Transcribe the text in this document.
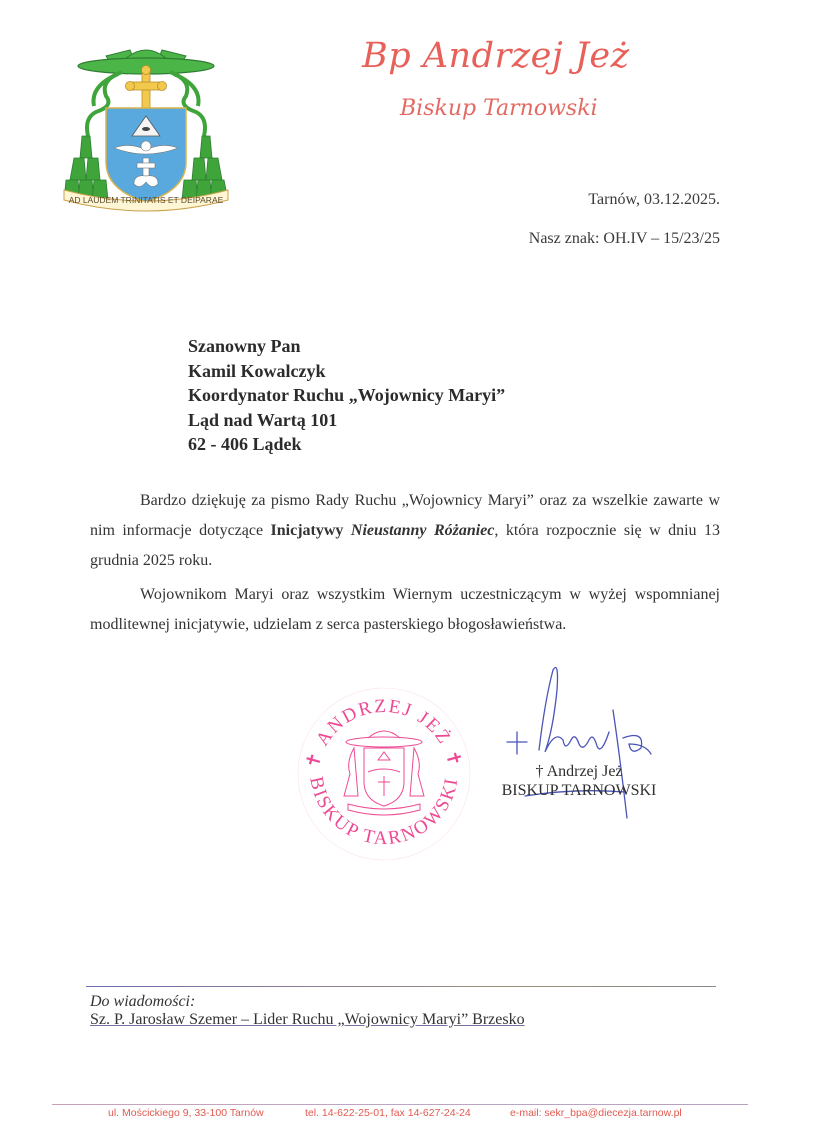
AD LAUDEM TRINITATIS ET DEIPARAE
Bp Andrzej Jeż
Biskup Tarnowski
Tarnów, 03.12.2025.
Nasz znak: OH.IV – 15/23/25
Szanowny Pan
Kamil Kowalczyk
Koordynator Ruchu „Wojownicy Maryi”
Ląd nad Wartą 101
62 - 406 Lądek

Bardzo dziękuję za pismo Rady Ruchu „Wojownicy Maryi” oraz za wszelkie zawarte w nim informacje dotyczące Inicjatywy Nieustanny Różaniec, która rozpocznie się w dniu 13 grudnia 2025 roku.

Wojownikom Maryi oraz wszystkim Wiernym uczestniczącym w wyżej wspomnianej modlitewnej inicjatywie, udzielam z serca pasterskiego błogosławieństwa.

✝ ANDRZEJ JEŻ ✝
BISKUP TARNOWSKI
† Andrzej Jeż
BISKUP TARNOWSKI
Do wiadomości:
Sz. P. Jarosław Szemer – Lider Ruchu „Wojownicy Maryi” Brzesko
ul. Mościckiego 9, 33-100 Tarnów	tel. 14-622-25-01, fax 14-627-24-24	e-mail: sekr_bpa@diecezja.tarnow.pl
